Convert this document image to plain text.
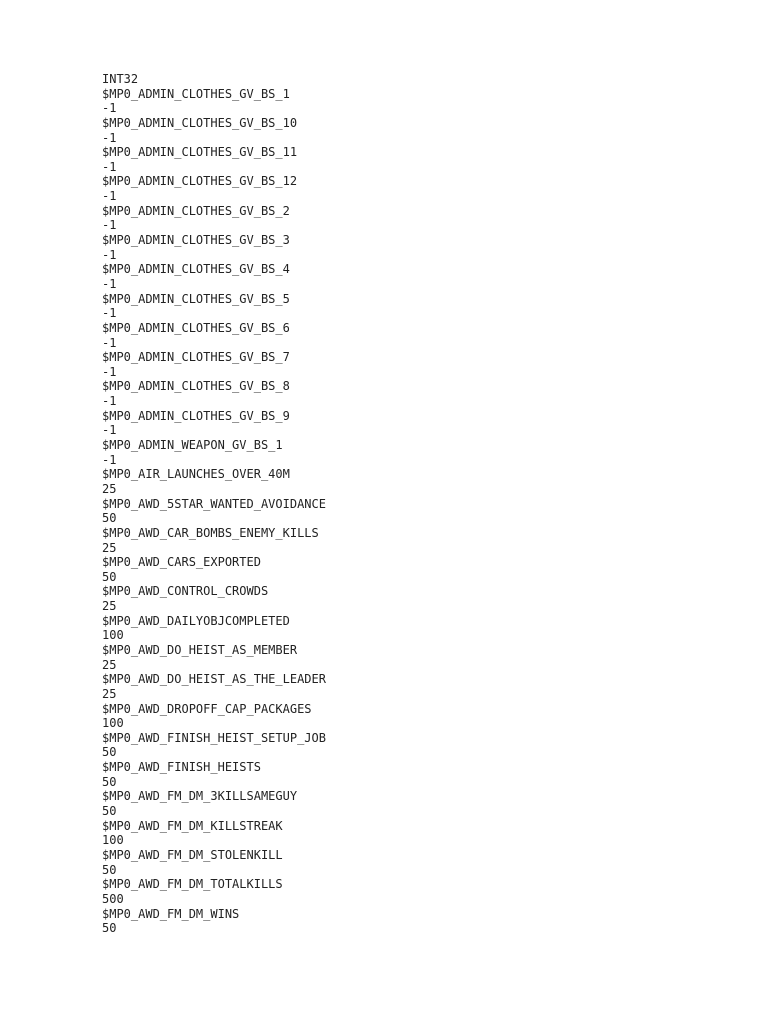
INT32
$MP0_ADMIN_CLOTHES_GV_BS_1
-1
$MP0_ADMIN_CLOTHES_GV_BS_10
-1
$MP0_ADMIN_CLOTHES_GV_BS_11
-1
$MP0_ADMIN_CLOTHES_GV_BS_12
-1
$MP0_ADMIN_CLOTHES_GV_BS_2
-1
$MP0_ADMIN_CLOTHES_GV_BS_3
-1
$MP0_ADMIN_CLOTHES_GV_BS_4
-1
$MP0_ADMIN_CLOTHES_GV_BS_5
-1
$MP0_ADMIN_CLOTHES_GV_BS_6
-1
$MP0_ADMIN_CLOTHES_GV_BS_7
-1
$MP0_ADMIN_CLOTHES_GV_BS_8
-1
$MP0_ADMIN_CLOTHES_GV_BS_9
-1
$MP0_ADMIN_WEAPON_GV_BS_1
-1
$MP0_AIR_LAUNCHES_OVER_40M
25
$MP0_AWD_5STAR_WANTED_AVOIDANCE
50
$MP0_AWD_CAR_BOMBS_ENEMY_KILLS
25
$MP0_AWD_CARS_EXPORTED
50
$MP0_AWD_CONTROL_CROWDS
25
$MP0_AWD_DAILYOBJCOMPLETED
100
$MP0_AWD_DO_HEIST_AS_MEMBER
25
$MP0_AWD_DO_HEIST_AS_THE_LEADER
25
$MP0_AWD_DROPOFF_CAP_PACKAGES
100
$MP0_AWD_FINISH_HEIST_SETUP_JOB
50
$MP0_AWD_FINISH_HEISTS
50
$MP0_AWD_FM_DM_3KILLSAMEGUY
50
$MP0_AWD_FM_DM_KILLSTREAK
100
$MP0_AWD_FM_DM_STOLENKILL
50
$MP0_AWD_FM_DM_TOTALKILLS
500
$MP0_AWD_FM_DM_WINS
50
